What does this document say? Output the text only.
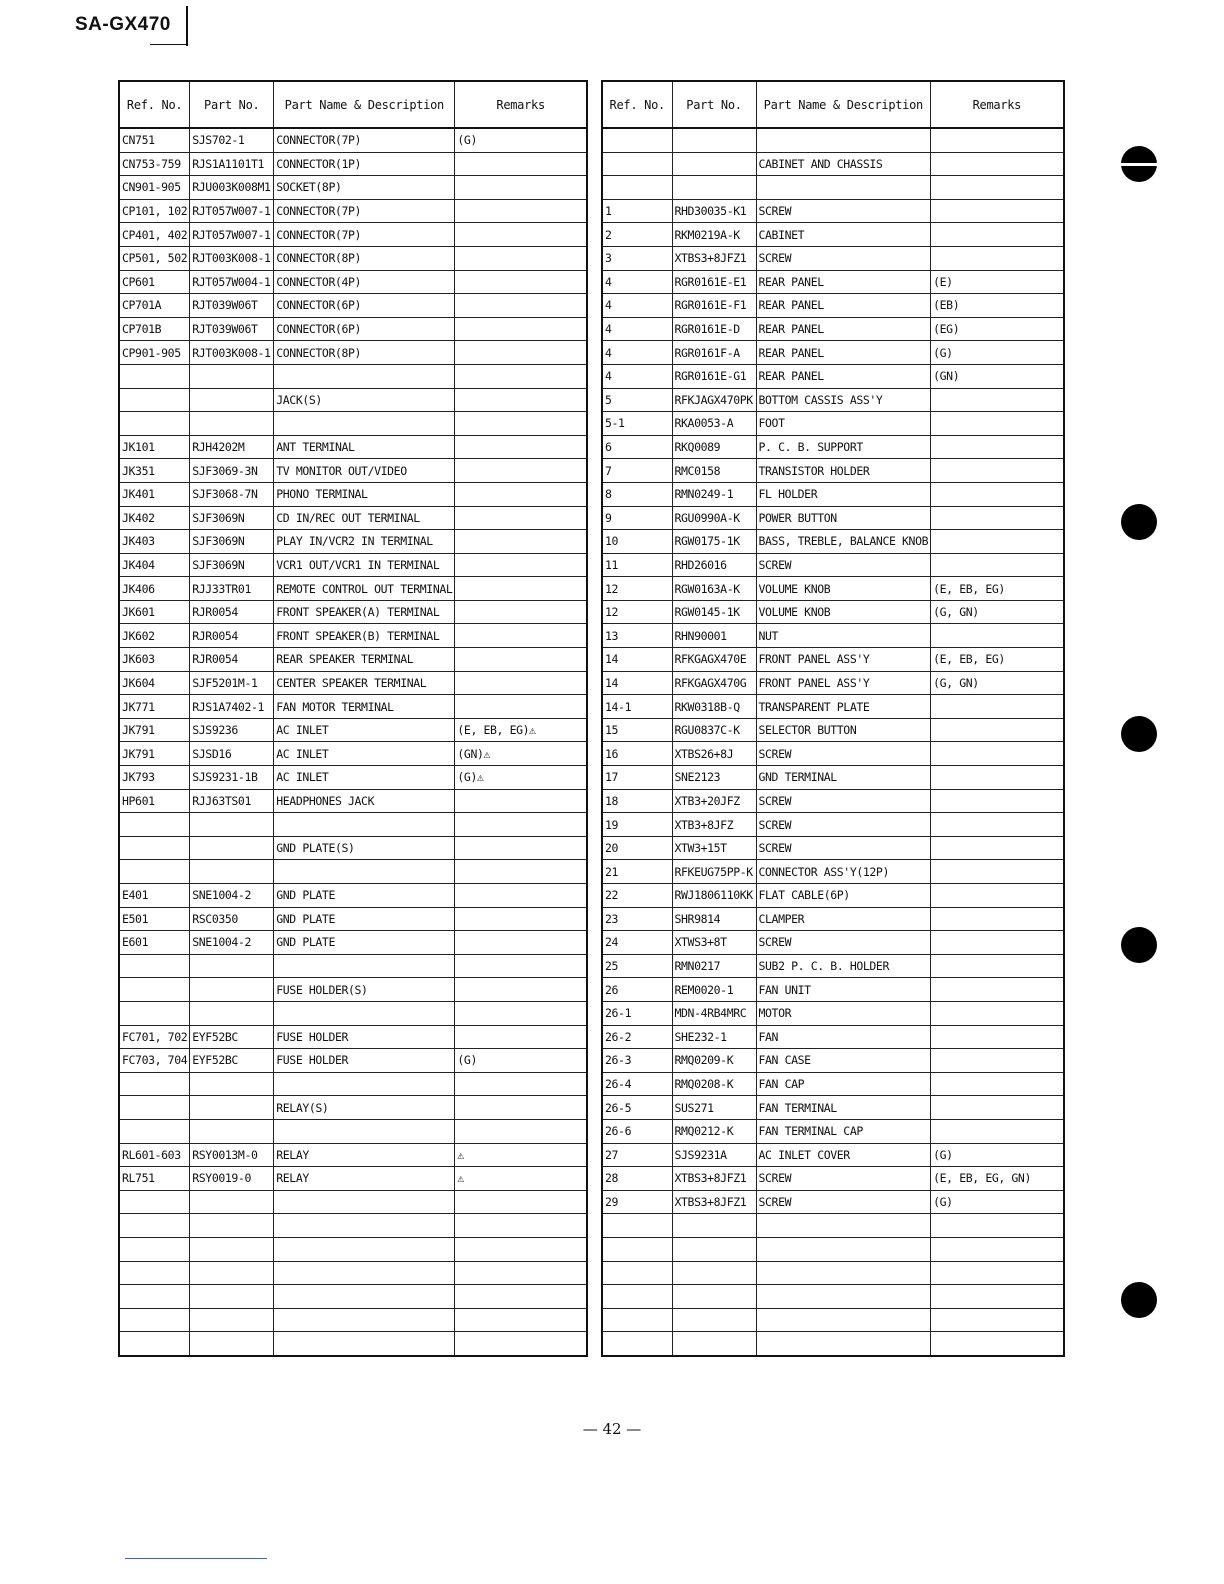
SA-GX470
Ref. No.	Part No.	Part Name & Description	Remarks
CN751	SJS702-1	CONNECTOR(7P)	(G)
CN753-759	RJS1A1101T1	CONNECTOR(1P)	
CN901-905	RJU003K008M1	SOCKET(8P)	
CP101, 102	RJT057W007-1	CONNECTOR(7P)	
CP401, 402	RJT057W007-1	CONNECTOR(7P)	
CP501, 502	RJT003K008-1	CONNECTOR(8P)	
CP601	RJT057W004-1	CONNECTOR(4P)	
CP701A	RJT039W06T	CONNECTOR(6P)	
CP701B	RJT039W06T	CONNECTOR(6P)	
CP901-905	RJT003K008-1	CONNECTOR(8P)	

		JACK(S)	

JK101	RJH4202M	ANT TERMINAL	
JK351	SJF3069-3N	TV MONITOR OUT/VIDEO	
JK401	SJF3068-7N	PHONO TERMINAL	
JK402	SJF3069N	CD IN/REC OUT TERMINAL	
JK403	SJF3069N	PLAY IN/VCR2 IN TERMINAL	
JK404	SJF3069N	VCR1 OUT/VCR1 IN TERMINAL	
JK406	RJJ33TR01	REMOTE CONTROL OUT TERMINAL	
JK601	RJR0054	FRONT SPEAKER(A) TERMINAL	
JK602	RJR0054	FRONT SPEAKER(B) TERMINAL	
JK603	RJR0054	REAR SPEAKER TERMINAL	
JK604	SJF5201M-1	CENTER SPEAKER TERMINAL	
JK771	RJS1A7402-1	FAN MOTOR TERMINAL	
JK791	SJS9236	AC INLET	(E, EB, EG)⚠
JK791	SJSD16	AC INLET	(GN)⚠
JK793	SJS9231-1B	AC INLET	(G)⚠
HP601	RJJ63TS01	HEADPHONES JACK	

		GND PLATE(S)	

E401	SNE1004-2	GND PLATE	
E501	RSC0350	GND PLATE	
E601	SNE1004-2	GND PLATE	

		FUSE HOLDER(S)	

FC701, 702	EYF52BC	FUSE HOLDER	
FC703, 704	EYF52BC	FUSE HOLDER	(G)

		RELAY(S)	

RL601-603	RSY0013M-0	RELAY	⚠
RL751	RSY0019-0	RELAY	⚠

Ref. No.	Part No.	Part Name & Description	Remarks

		CABINET AND CHASSIS	

1	RHD30035-K1	SCREW	
2	RKM0219A-K	CABINET	
3	XTBS3+8JFZ1	SCREW	
4	RGR0161E-E1	REAR PANEL	(E)
4	RGR0161E-F1	REAR PANEL	(EB)
4	RGR0161E-D	REAR PANEL	(EG)
4	RGR0161F-A	REAR PANEL	(G)
4	RGR0161E-G1	REAR PANEL	(GN)
5	RFKJAGX470PK	BOTTOM CASSIS ASS'Y	
5-1	RKA0053-A	FOOT	
6	RKQ0089	P. C. B. SUPPORT	
7	RMC0158	TRANSISTOR HOLDER	
8	RMN0249-1	FL HOLDER	
9	RGU0990A-K	POWER BUTTON	
10	RGW0175-1K	BASS, TREBLE, BALANCE KNOB	
11	RHD26016	SCREW	
12	RGW0163A-K	VOLUME KNOB	(E, EB, EG)
12	RGW0145-1K	VOLUME KNOB	(G, GN)
13	RHN90001	NUT	
14	RFKGAGX470E	FRONT PANEL ASS'Y	(E, EB, EG)
14	RFKGAGX470G	FRONT PANEL ASS'Y	(G, GN)
14-1	RKW0318B-Q	TRANSPARENT PLATE	
15	RGU0837C-K	SELECTOR BUTTON	
16	XTBS26+8J	SCREW	
17	SNE2123	GND TERMINAL	
18	XTB3+20JFZ	SCREW	
19	XTB3+8JFZ	SCREW	
20	XTW3+15T	SCREW	
21	RFKEUG75PP-K	CONNECTOR ASS'Y(12P)	
22	RWJ1806110KK	FLAT CABLE(6P)	
23	SHR9814	CLAMPER	
24	XTWS3+8T	SCREW	
25	RMN0217	SUB2 P. C. B. HOLDER	
26	REM0020-1	FAN UNIT	
26-1	MDN-4RB4MRC	MOTOR	
26-2	SHE232-1	FAN	
26-3	RMQ0209-K	FAN CASE	
26-4	RMQ0208-K	FAN CAP	
26-5	SUS271	FAN TERMINAL	
26-6	RMQ0212-K	FAN TERMINAL CAP	
27	SJS9231A	AC INLET COVER	(G)
28	XTBS3+8JFZ1	SCREW	(E, EB, EG, GN)
29	XTBS3+8JFZ1	SCREW	(G)

— 42 —
